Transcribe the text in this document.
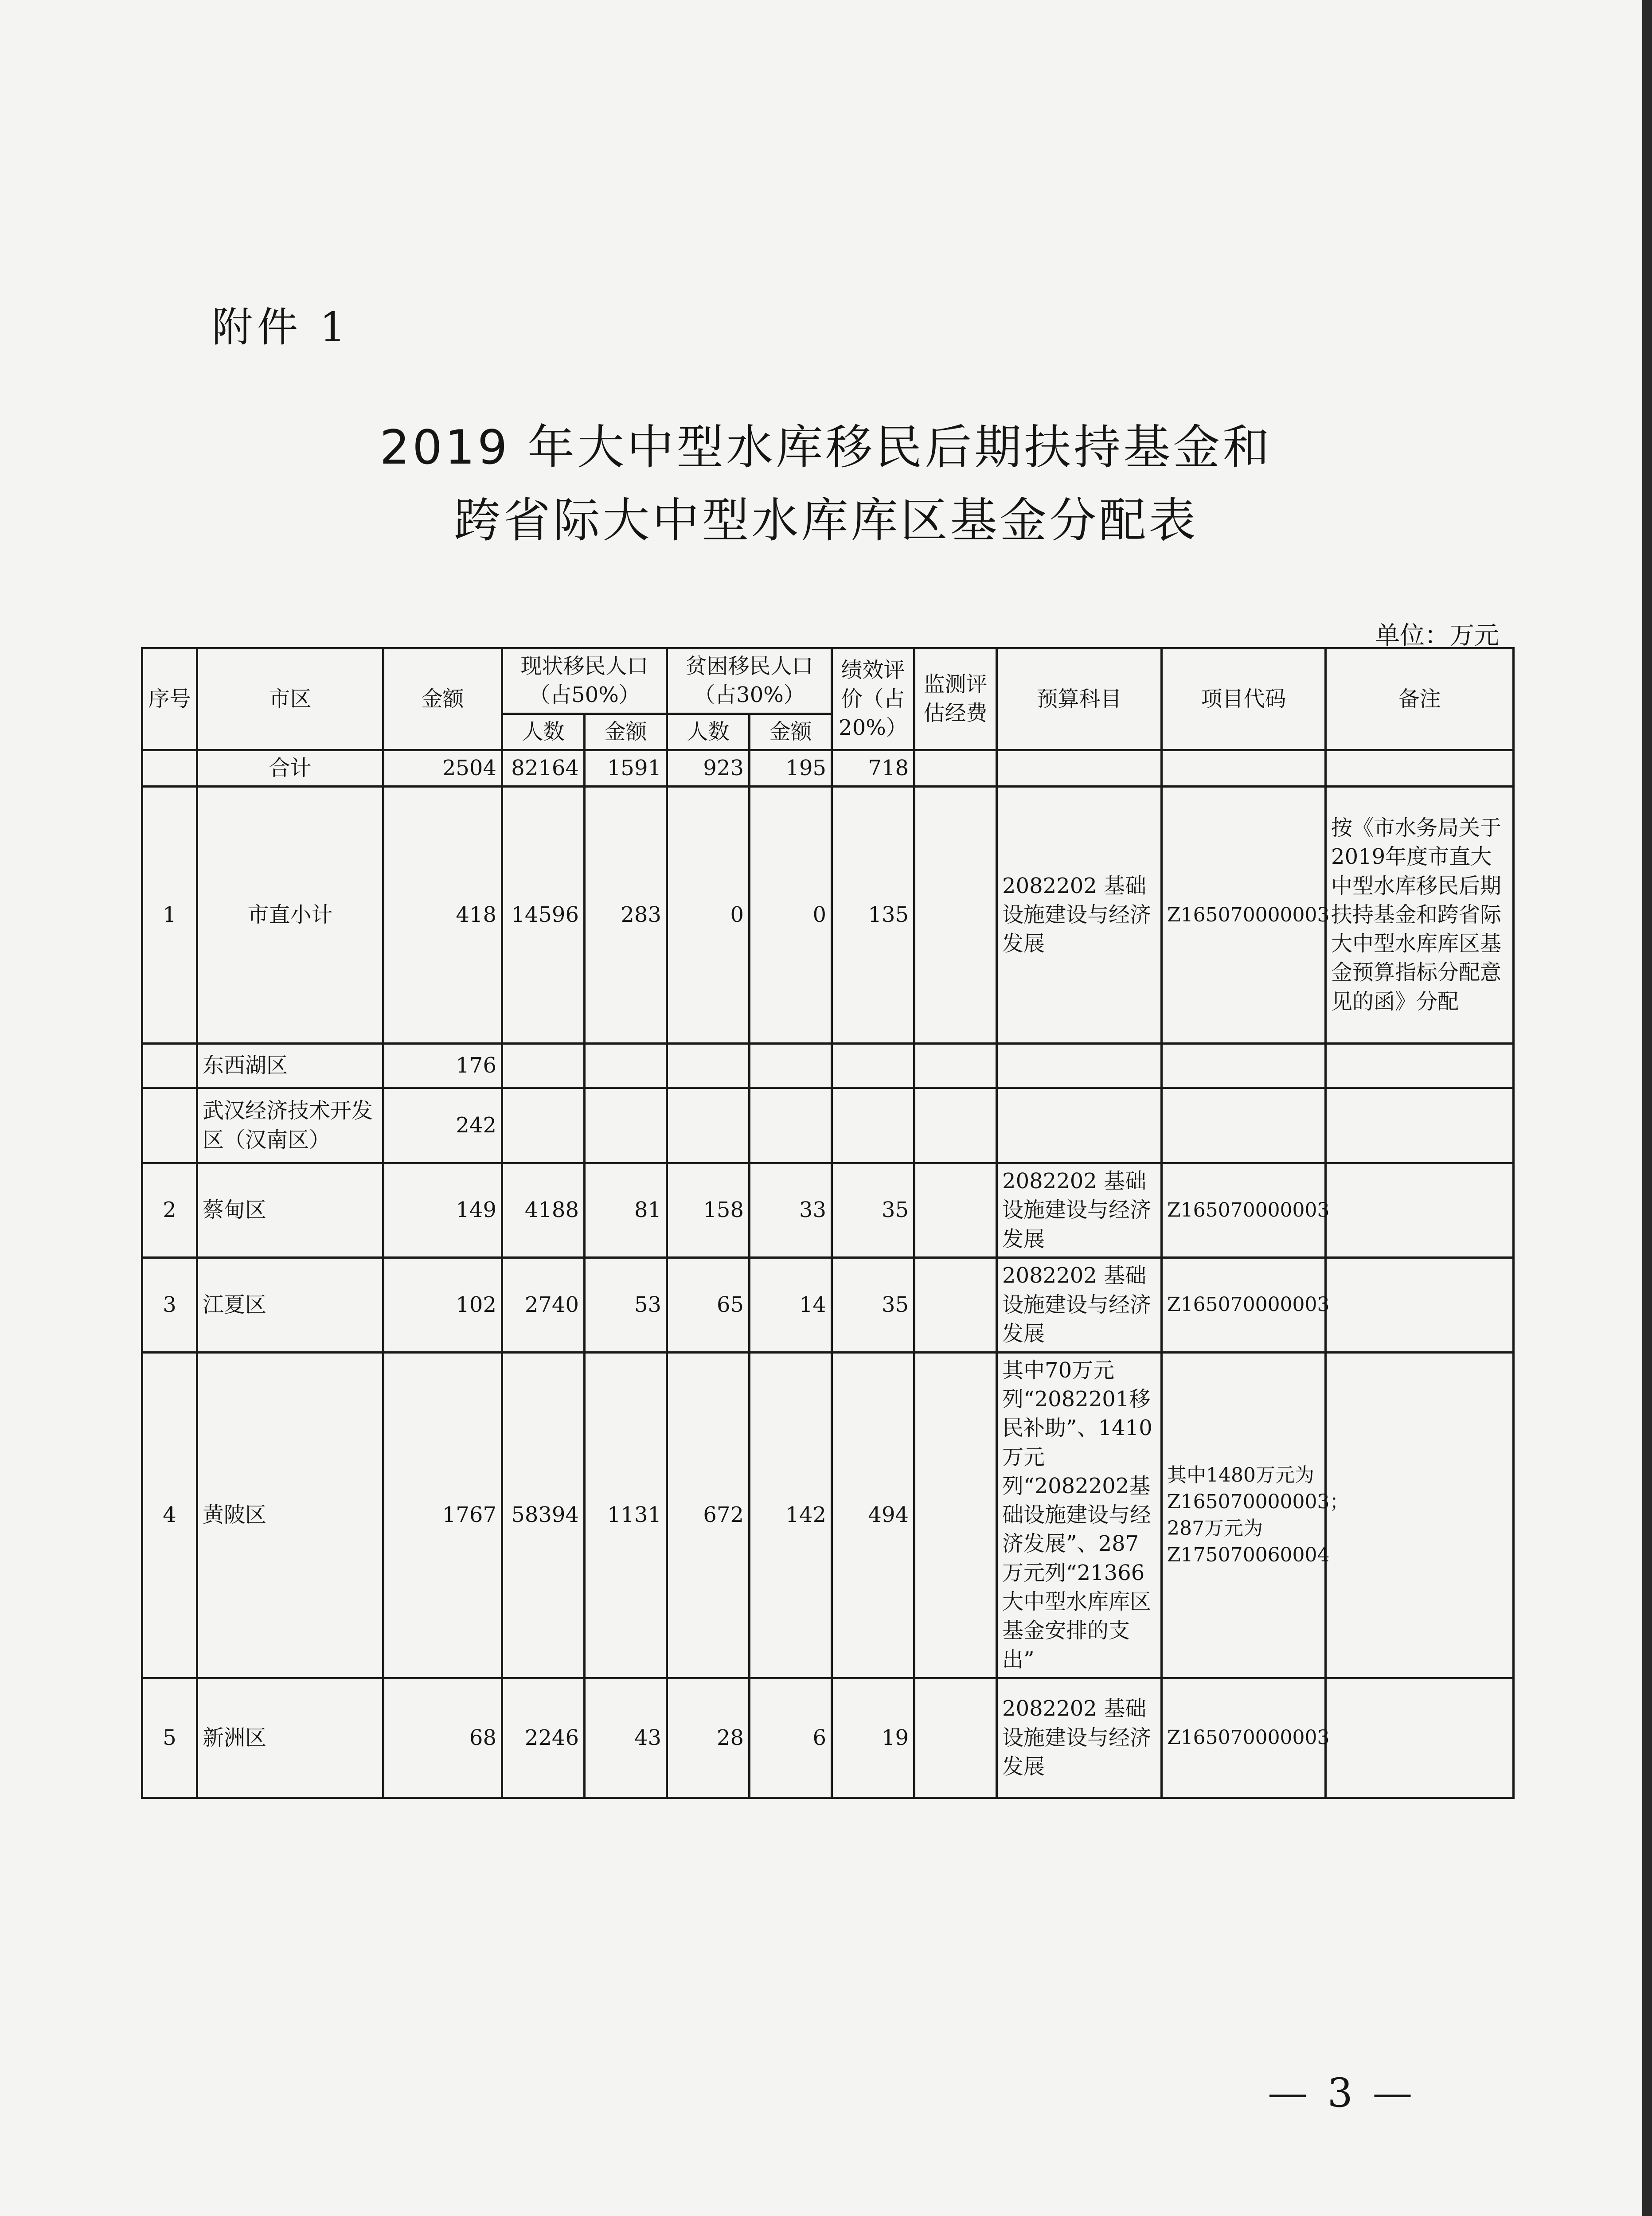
附件 1
2019 年大中型水库移民后期扶持基金和
跨省际大中型水库库区基金分配表
单位：万元
序号	市区	金额	现状移民人口（占50%）		贫困移民人口（占30%）		绩效评价（占20%）	监测评估经费	预算科目	项目代码	备注
			人数	金额	人数	金额					
	合计	2504	82164	1591	923	195	718				
1	市直小计	418	14596	283	0	0	135		2082202 基础设施建设与经济发展	Z165070000003	按《市水务局关于2019年度市直大中型水库移民后期扶持基金和跨省际大中型水库库区基金预算指标分配意见的函》分配
	东西湖区	176									
	武汉经济技术开发区（汉南区）	242									
2	蔡甸区	149	4188	81	158	33	35		2082202 基础设施建设与经济发展	Z165070000003	
3	江夏区	102	2740	53	65	14	35		2082202 基础设施建设与经济发展	Z165070000003	
4	黄陂区	1767	58394	1131	672	142	494		其中70万元列“2082201移民补助”、1410万元列“2082202基础设施建设与经济发展”、287万元列“21366大中型水库库区基金安排的支出”	其中1480万元为Z165070000003；287万元为Z175070060004	
5	新洲区	68	2246	43	28	6	19		2082202 基础设施建设与经济发展	Z165070000003	
— 3 —
